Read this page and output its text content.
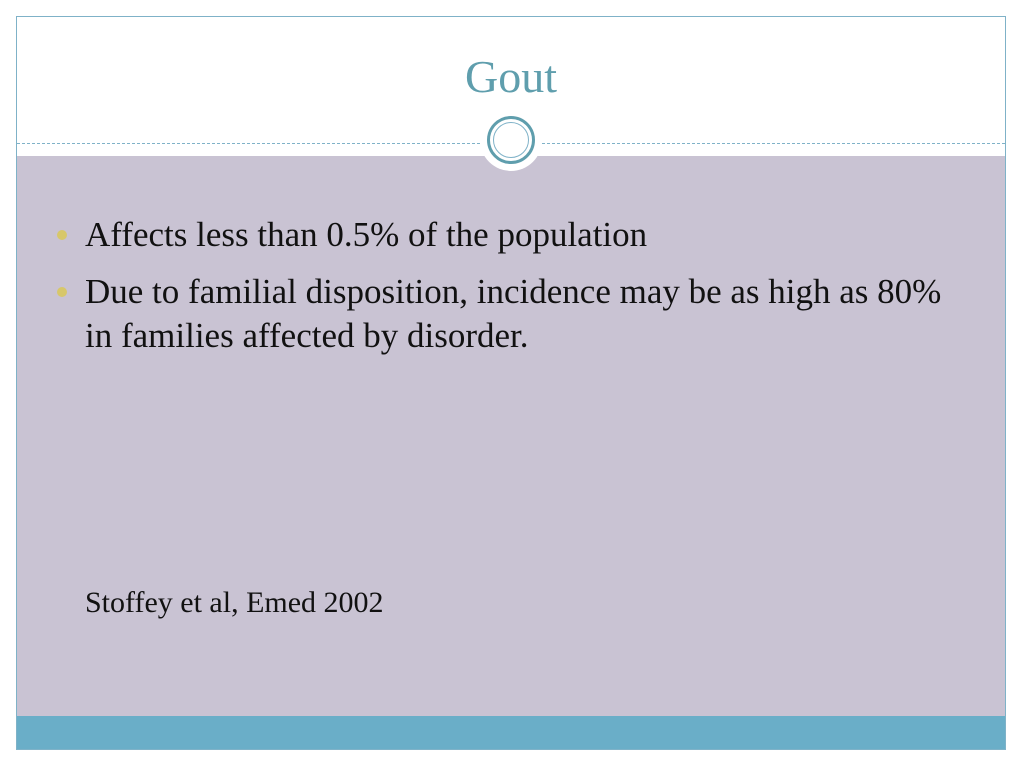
Gout
Affects less than 0.5% of the population
Due to familial disposition, incidence may be as high as 80% in families affected by disorder.
Stoffey et al, Emed 2002
